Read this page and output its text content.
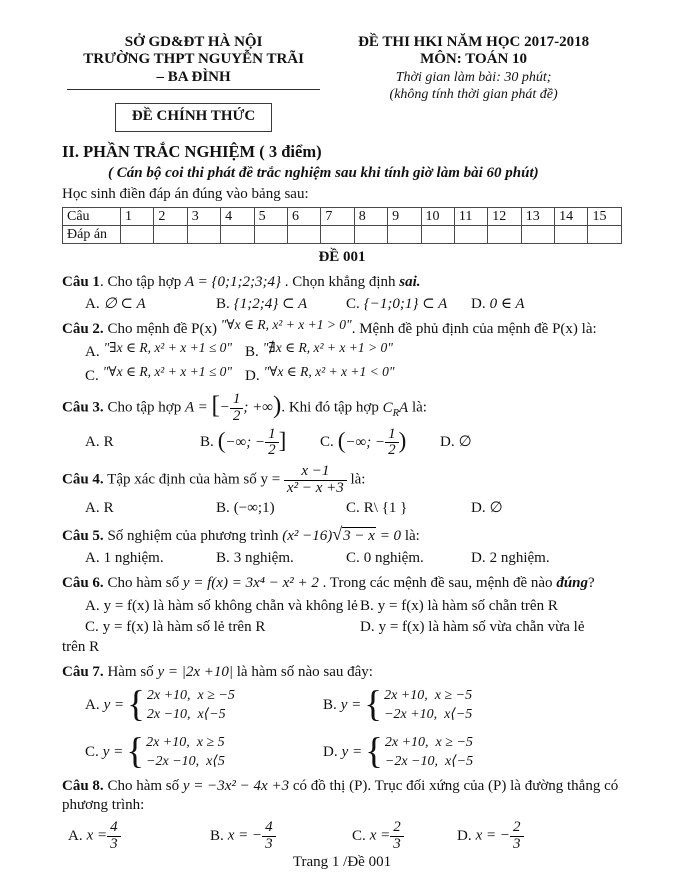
SỞ GD&ĐT HÀ NỘI
TRƯỜNG THPT NGUYỄN TRÃI
– BA ĐÌNH
ĐỀ CHÍNH THỨC
ĐỀ THI HKI NĂM HỌC 2017-2018
MÔN: TOÁN 10
Thời gian làm bài: 30 phút;
(không tính thời gian phát đề)
II. PHẦN TRẮC NGHIỆM ( 3 điểm)
( Cán bộ coi thi phát đề trắc nghiệm sau khi tính giờ làm bài 60 phút)
Học sinh điền đáp án đúng vào bảng sau:
Câu	1	2	3	4	5	6	7	8	9	10	11	12	13	14	15
Đáp án															
ĐỀ 001
Câu 1. Cho tập hợp A = {0;1;2;3;4} . Chọn khẳng định sai.
A. ∅ ⊂ A	B. {1;2;4} ⊂ A	C. {−1;0;1} ⊂ A	D. 0 ∈ A
Câu 2. Cho mệnh đề P(x) "∀x ∈ R, x² + x +1 > 0". Mệnh đề phủ định của mệnh đề P(x) là:
A. "∃x ∈ R, x² + x +1 ≤ 0" B. "∄x ∈ R, x² + x +1 > 0"
C. "∀x ∈ R, x² + x +1 ≤ 0" D. "∀x ∈ R, x² + x +1 < 0"
Câu 3. Cho tập hợp A = [− $\frac{1}{2}$ ; +∞). Khi đó tập hợp $C_RA$ là:
A. R	B. (−∞; − $\frac{1}{2}$ ]	C. (−∞; − $\frac{1}{2}$ )	D. ∅
Câu 4. Tập xác định của hàm số $y = \frac{x -1}{\text{x² − x +3}}$ là:
A. R	B. (−∞;1)	C. R\ {1 }	D. ∅
Câu 5. Số nghiệm của phương trình (x² −16)√3 − x = 0 là:
A. 1 nghiệm.	B. 3 nghiệm.	C. 0 nghiệm.	D. 2 nghiệm.
Câu 6. Cho hàm số y = f(x) = 3x⁴ − x² + 2 . Trong các mệnh đề sau, mệnh đề nào đúng?
A. y = f(x) là hàm số không chẵn và không lẻ B. y = f(x) là hàm số chẵn trên R
C. y = f(x) là hàm số lẻ trên R	D. y = f(x) là hàm số vừa chẵn vừa lẻ
trên R
Câu 7. Hàm số y = |2x +10| là hàm số nào sau đây:
A. y = { 2x +10,  x ≥ −5
2x −10,  x⟨−5
B. y = { 2x +10,  x ≥ −5
−2x +10,  x⟨−5
C. y = { 2x +10,  x ≥ 5
−2x −10,  x⟨5
D. y = { 2x +10,  x ≥ −5
−2x −10,  x⟨−5
Câu 8. Cho hàm số y = −3x² − 4x +3 có đồ thị (P). Trục đối xứng của (P) là đường thẳng có
phương trình:
A. $x = \frac{4}{3}$	B. x = − $\frac{4}{3}$	C. $x = \frac{2}{3}$	D. x = − $\frac{2}{3}$
Trang 1 /Đề 001
